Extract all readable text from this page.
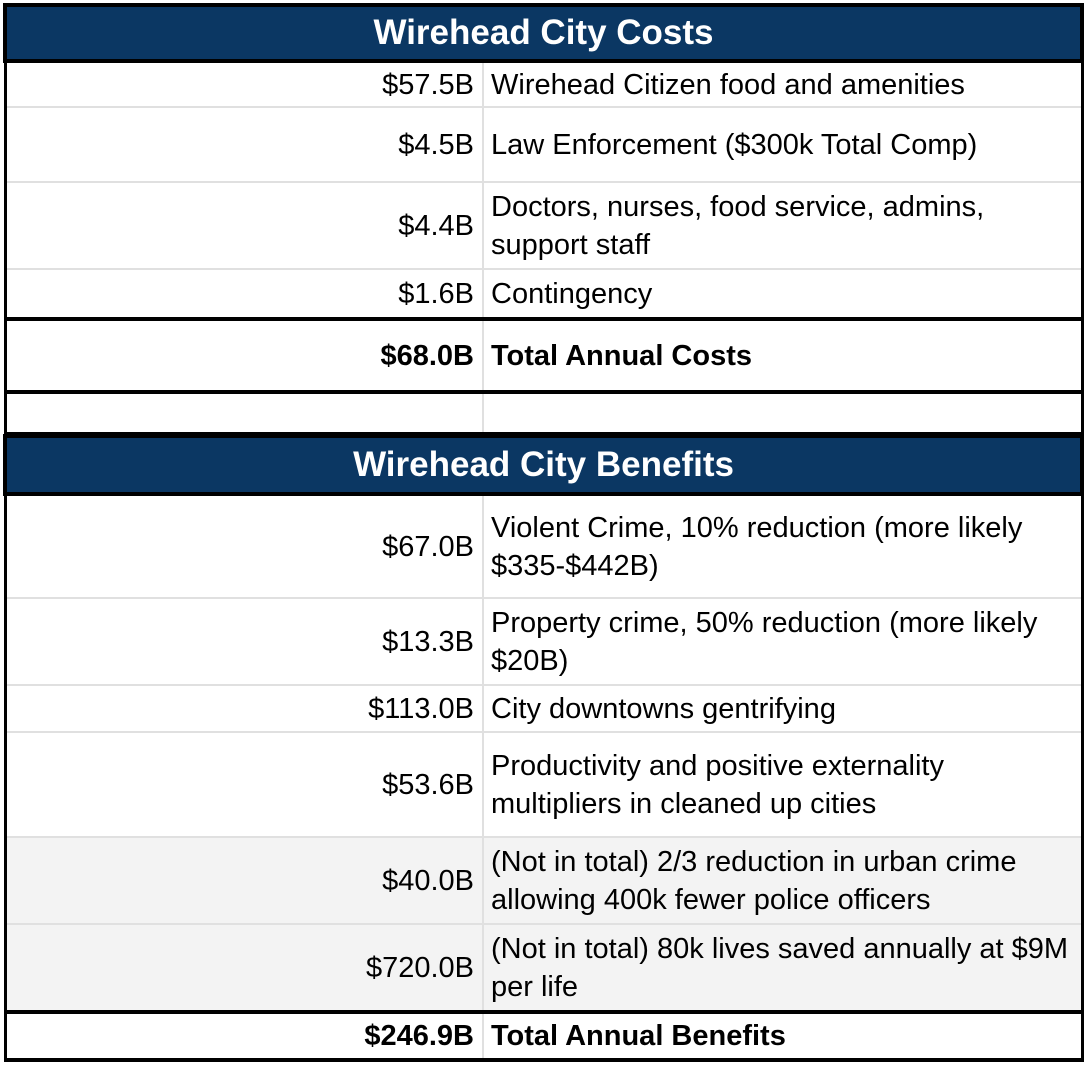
Wirehead City Costs	
$57.5B	Wirehead Citizen food and amenities
$4.5B	Law Enforcement ($300k Total Comp)
$4.4B	Doctors, nurses, food service, admins, support staff
$1.6B	Contingency
$68.0B	Total Annual Costs

Wirehead City Benefits	
$67.0B	Violent Crime, 10% reduction (more likely $335-$442B)
$13.3B	Property crime, 50% reduction (more likely $20B)
$113.0B	City downtowns gentrifying
$53.6B	Productivity and positive externality multipliers in cleaned up cities
$40.0B	(Not in total) 2/3 reduction in urban crime allowing 400k fewer police officers
$720.0B	(Not in total) 80k lives saved annually at $9M per life
$246.9B	Total Annual Benefits
